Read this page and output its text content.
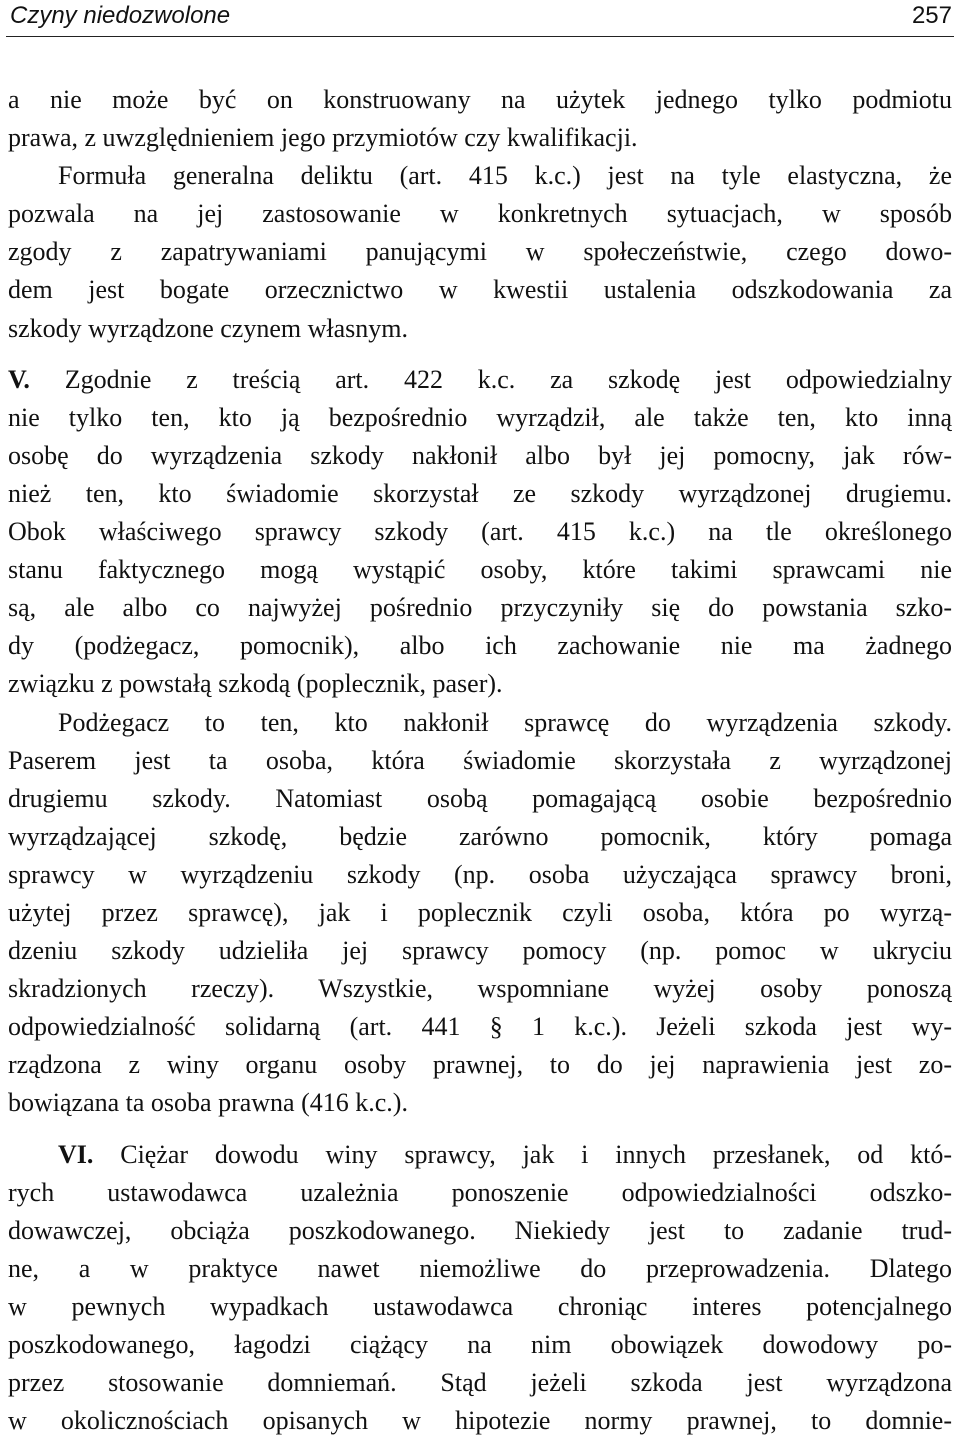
Czyny niedozwolone	257
a nie może być on konstruowany na użytek jednego tylko podmiotu
prawa, z uwzględnieniem jego przymiotów czy kwalifikacji.
Formuła generalna deliktu (art. 415 k.c.) jest na tyle elastyczna, że
pozwala na jej zastosowanie w konkretnych sytuacjach, w sposób
zgody z zapatrywaniami panującymi w społeczeństwie, czego dowo-
dem jest bogate orzecznictwo w kwestii ustalenia odszkodowania za
szkody wyrządzone czynem własnym.
V. Zgodnie z treścią art. 422 k.c. za szkodę jest odpowiedzialny
nie tylko ten, kto ją bezpośrednio wyrządził, ale także ten, kto inną
osobę do wyrządzenia szkody nakłonił albo był jej pomocny, jak rów-
nież ten, kto świadomie skorzystał ze szkody wyrządzonej drugiemu.
Obok właściwego sprawcy szkody (art. 415 k.c.) na tle określonego
stanu faktycznego mogą wystąpić osoby, które takimi sprawcami nie
są, ale albo co najwyżej pośrednio przyczyniły się do powstania szko-
dy (podżegacz, pomocnik), albo ich zachowanie nie ma żadnego
związku z powstałą szkodą (poplecznik, paser).
Podżegacz to ten, kto nakłonił sprawcę do wyrządzenia szkody.
Paserem jest ta osoba, która świadomie skorzystała z wyrządzonej
drugiemu szkody. Natomiast osobą pomagającą osobie bezpośrednio
wyrządzającej szkodę, będzie zarówno pomocnik, który pomaga
sprawcy w wyrządzeniu szkody (np. osoba użyczająca sprawcy broni,
użytej przez sprawcę), jak i poplecznik czyli osoba, która po wyrzą-
dzeniu szkody udzieliła jej sprawcy pomocy (np. pomoc w ukryciu
skradzionych rzeczy). Wszystkie, wspomniane wyżej osoby ponoszą
odpowiedzialność solidarną (art. 441 § 1 k.c.). Jeżeli szkoda jest wy-
rządzona z winy organu osoby prawnej, to do jej naprawienia jest zo-
bowiązana ta osoba prawna (416 k.c.).
VI. Ciężar dowodu winy sprawcy, jak i innych przesłanek, od któ-
rych ustawodawca uzależnia ponoszenie odpowiedzialności odszko-
dowawczej, obciąża poszkodowanego. Niekiedy jest to zadanie trud-
ne, a w praktyce nawet niemożliwe do przeprowadzenia. Dlatego
w pewnych wypadkach ustawodawca chroniąc interes potencjalnego
poszkodowanego, łagodzi ciążący na nim obowiązek dowodowy po-
przez stosowanie domniemań. Stąd jeżeli szkoda jest wyrządzona
w okolicznościach opisanych w hipotezie normy prawnej, to domnie-
